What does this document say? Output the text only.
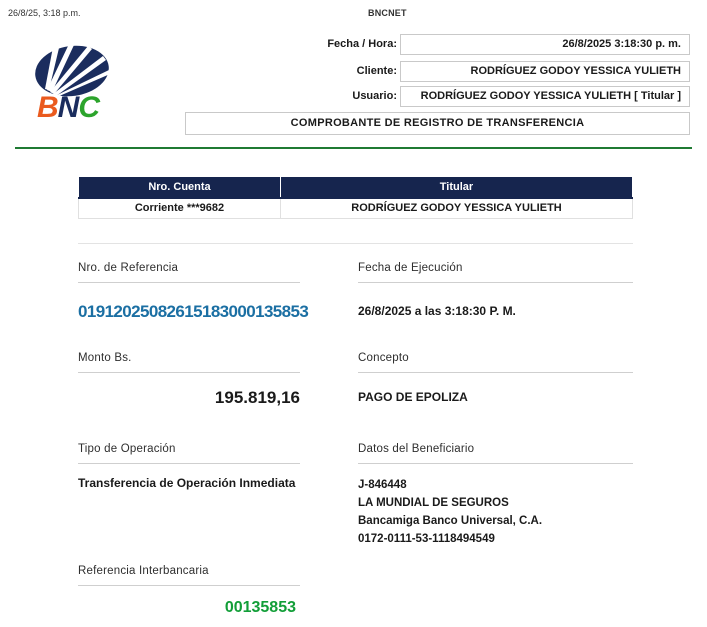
26/8/25, 3:18 p.m.	BNCNET
BNC
Fecha / Hora:	26/8/2025 3:18:30 p. m.
Cliente:	RODRÍGUEZ GODOY YESSICA YULIETH
Usuario:	RODRÍGUEZ GODOY YESSICA YULIETH [ Titular ]
COMPROBANTE DE REGISTRO DE TRANSFERENCIA
Nro. Cuenta	Titular
Corriente ***9682	RODRÍGUEZ GODOY YESSICA YULIETH
Nro. de Referencia
01912025082615183000135853
Fecha de Ejecución
26/8/2025 a las 3:18:30 P. M.
Monto Bs.
195.819,16
Concepto
PAGO DE EPOLIZA
Tipo de Operación
Transferencia de Operación Inmediata
Datos del Beneficiario
J-846448
LA MUNDIAL DE SEGUROS
Bancamiga Banco Universal, C.A.
0172-0111-53-1118494549
Referencia Interbancaria
00135853
